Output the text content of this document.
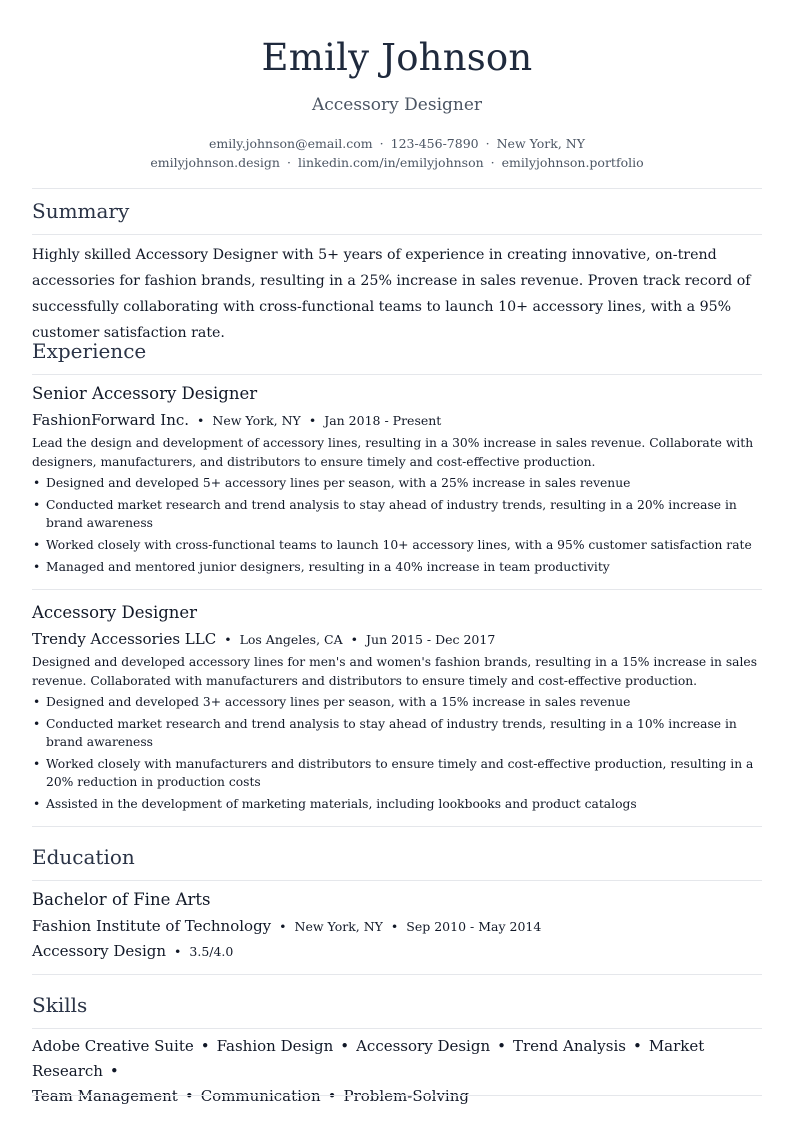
Emily Johnson
Accessory Designer
emily.johnson@email.com · 123-456-7890 · New York, NY
emilyjohnson.design · linkedin.com/in/emilyjohnson · emilyjohnson.portfolio
Summary
Highly skilled Accessory Designer with 5+ years of experience in creating innovative, on-trend accessories for fashion brands, resulting in a 25% increase in sales revenue. Proven track record of successfully collaborating with cross-functional teams to launch 10+ accessory lines, with a 95% customer satisfaction rate.
Experience
Senior Accessory Designer
FashionForward Inc. • New York, NY • Jan 2018 - Present
Lead the design and development of accessory lines, resulting in a 30% increase in sales revenue. Collaborate with designers, manufacturers, and distributors to ensure timely and cost-effective production.
• Designed and developed 5+ accessory lines per season, with a 25% increase in sales revenue
• Conducted market research and trend analysis to stay ahead of industry trends, resulting in a 20% increase in brand awareness
• Worked closely with cross-functional teams to launch 10+ accessory lines, with a 95% customer satisfaction rate
• Managed and mentored junior designers, resulting in a 40% increase in team productivity
Accessory Designer
Trendy Accessories LLC • Los Angeles, CA • Jun 2015 - Dec 2017
Designed and developed accessory lines for men's and women's fashion brands, resulting in a 15% increase in sales revenue. Collaborated with manufacturers and distributors to ensure timely and cost-effective production.
• Designed and developed 3+ accessory lines per season, with a 15% increase in sales revenue
• Conducted market research and trend analysis to stay ahead of industry trends, resulting in a 10% increase in brand awareness
• Worked closely with manufacturers and distributors to ensure timely and cost-effective production, resulting in a 20% reduction in production costs
• Assisted in the development of marketing materials, including lookbooks and product catalogs
Education
Bachelor of Fine Arts
Fashion Institute of Technology • New York, NY • Sep 2010 - May 2014
Accessory Design • 3.5/4.0
Skills
Adobe Creative Suite • Fashion Design • Accessory Design • Trend Analysis • Market Research •
Team Management • Communication • Problem-Solving
